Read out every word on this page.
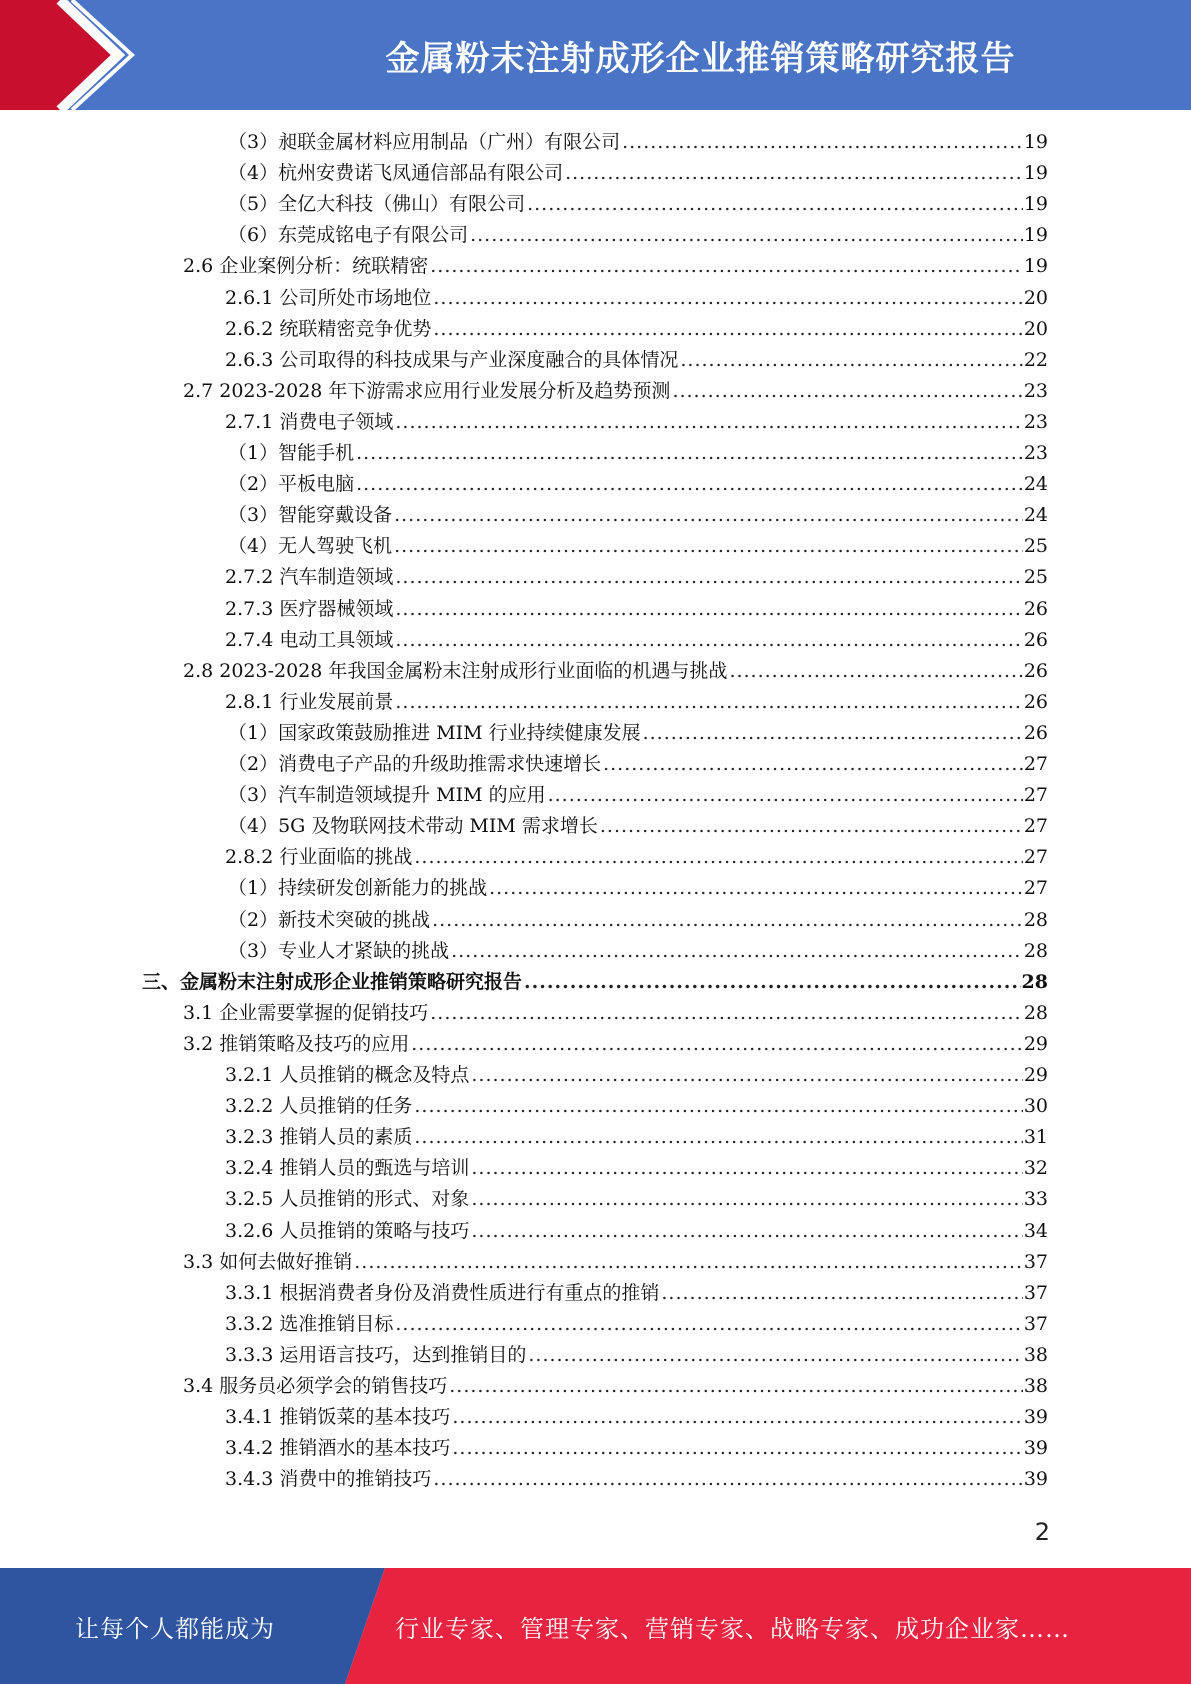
金属粉末注射成形企业推销策略研究报告
（3）昶联金属材料应用制品（广州）有限公司 .....	19
（4）杭州安费诺飞凤通信部品有限公司 .....	19
（5）全亿大科技（佛山）有限公司 .....	19
（6）东莞成铭电子有限公司 .....	19
2.6 企业案例分析：统联精密 .....	19
2.6.1 公司所处市场地位 .....	20
2.6.2 统联精密竞争优势 .....	20
2.6.3 公司取得的科技成果与产业深度融合的具体情况 .....	22
2.7 2023-2028 年下游需求应用行业发展分析及趋势预测 .....	23
2.7.1 消费电子领域 .....	23
（1）智能手机 .....	23
（2）平板电脑 .....	24
（3）智能穿戴设备 .....	24
（4）无人驾驶飞机 .....	25
2.7.2 汽车制造领域 .....	25
2.7.3 医疗器械领域 .....	26
2.7.4 电动工具领域 .....	26
2.8 2023-2028 年我国金属粉末注射成形行业面临的机遇与挑战 .....	26
2.8.1 行业发展前景 .....	26
（1）国家政策鼓励推进 MIM 行业持续健康发展 .....	26
（2）消费电子产品的升级助推需求快速增长 .....	27
（3）汽车制造领域提升 MIM 的应用 .....	27
（4）5G 及物联网技术带动 MIM 需求增长 .....	27
2.8.2 行业面临的挑战 .....	27
（1）持续研发创新能力的挑战 .....	27
（2）新技术突破的挑战 .....	28
（3）专业人才紧缺的挑战 .....	28
三、金属粉末注射成形企业推销策略研究报告 .....	28
3.1 企业需要掌握的促销技巧 .....	28
3.2 推销策略及技巧的应用 .....	29
3.2.1 人员推销的概念及特点 .....	29
3.2.2 人员推销的任务 .....	30
3.2.3 推销人员的素质 .....	31
3.2.4 推销人员的甄选与培训 .....	32
3.2.5 人员推销的形式、对象 .....	33
3.2.6 人员推销的策略与技巧 .....	34
3.3 如何去做好推销 .....	37
3.3.1 根据消费者身份及消费性质进行有重点的推销 .....	37
3.3.2 选准推销目标 .....	37
3.3.3 运用语言技巧，达到推销目的 .....	38
3.4 服务员必须学会的销售技巧 .....	38
3.4.1 推销饭菜的基本技巧 .....	39
3.4.2 推销酒水的基本技巧 .....	39
3.4.3 消费中的推销技巧 .....	39
2
让每个人都能成为	行业专家、管理专家、营销专家、战略专家、成功企业家……
